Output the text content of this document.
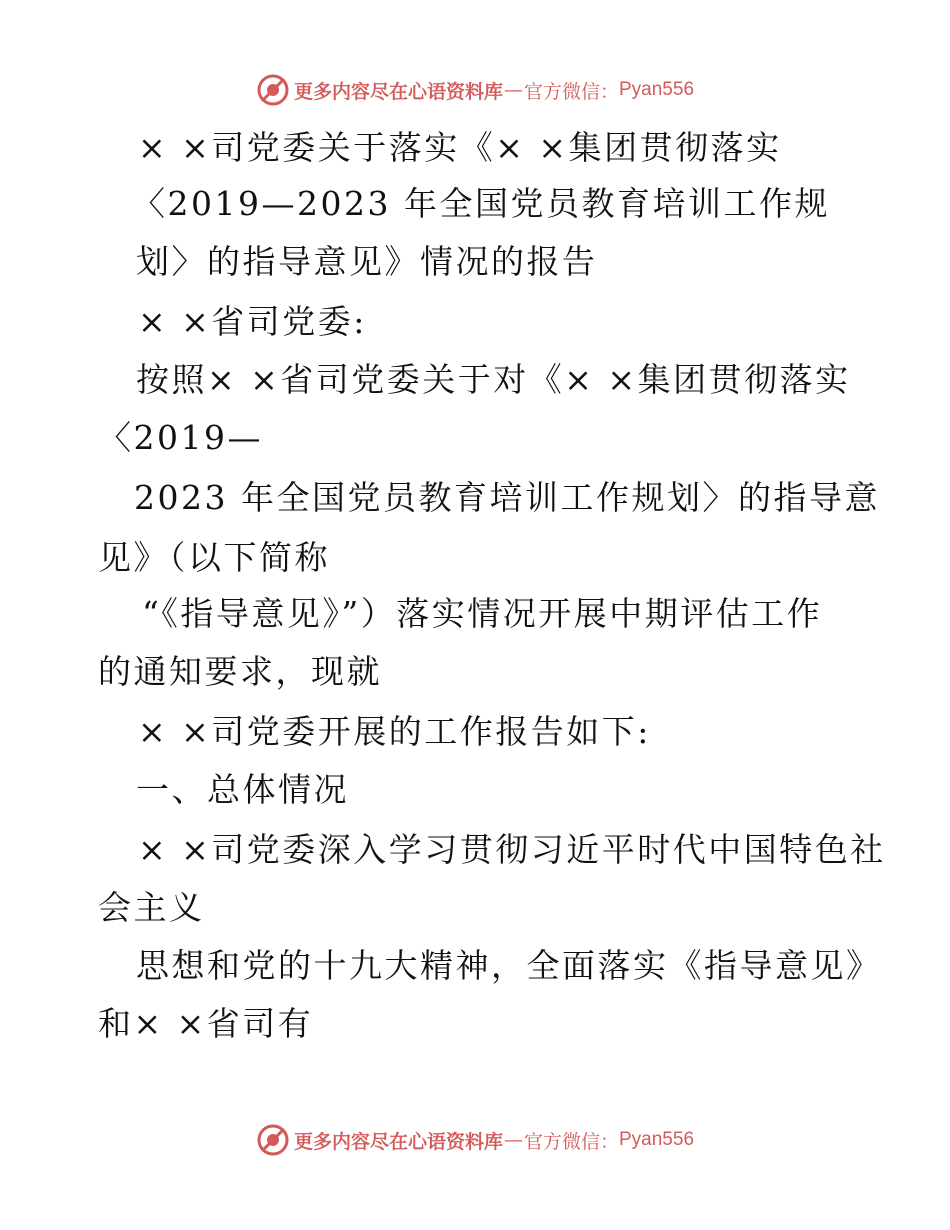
更多内容尽在心语资料库 — 官方微信： Pyan556
× ×司党委关于落实《× ×集团贯彻落实
〈2019—2023 年全国党员教育培训工作规
划〉的指导意见》情况的报告
× ×省司党委:
按照× ×省司党委关于对《× ×集团贯彻落实
〈2019—
2023 年全国党员教育培训工作规划〉的指导意
见》（以下简称
“《指导意见》”）落实情况开展中期评估工作
的通知要求，现就
× ×司党委开展的工作报告如下:
一、总体情况
× ×司党委深入学习贯彻习近平时代中国特色社
会主义
思想和党的十九大精神，全面落实《指导意见》
和× ×省司有
更多内容尽在心语资料库 — 官方微信： Pyan556
